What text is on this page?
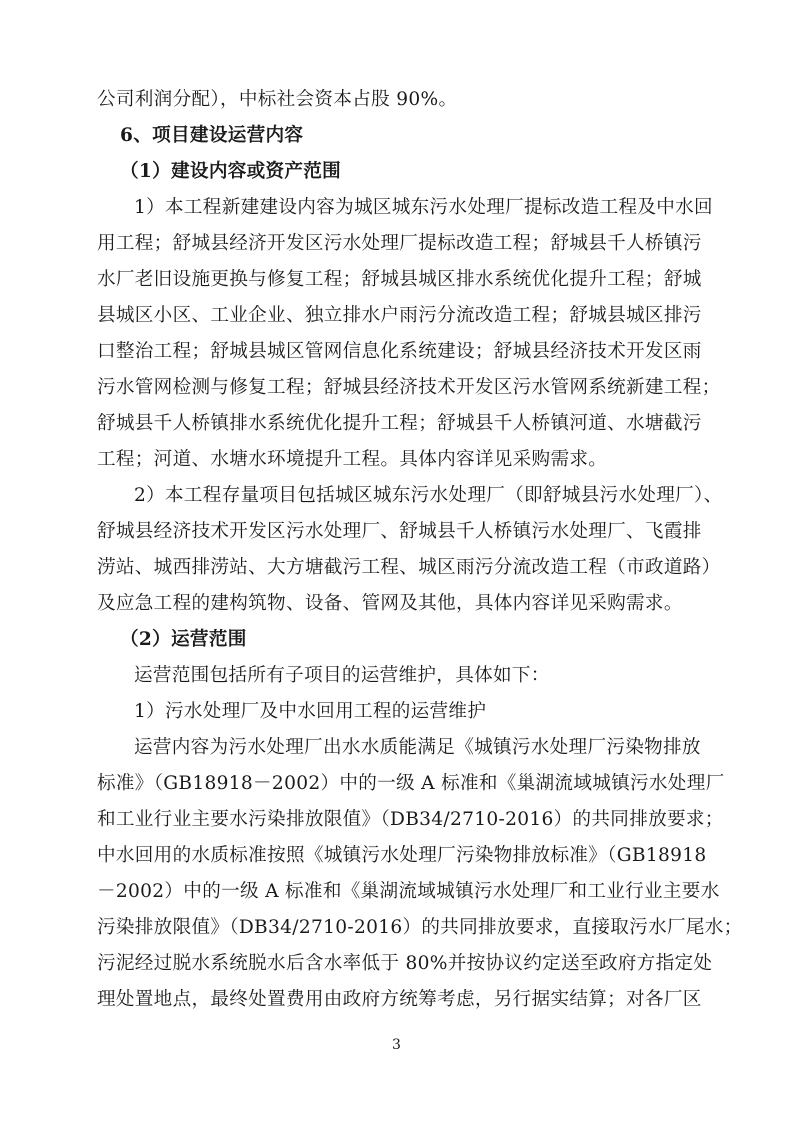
公司利润分配），中标社会资本占股 90%。
6、项目建设运营内容
（1）建设内容或资产范围
1）本工程新建建设内容为城区城东污水处理厂提标改造工程及中水回
用工程；舒城县经济开发区污水处理厂提标改造工程；舒城县千人桥镇污
水厂老旧设施更换与修复工程；舒城县城区排水系统优化提升工程；舒城
县城区小区、工业企业、独立排水户雨污分流改造工程；舒城县城区排污
口整治工程；舒城县城区管网信息化系统建设；舒城县经济技术开发区雨
污水管网检测与修复工程；舒城县经济技术开发区污水管网系统新建工程；
舒城县千人桥镇排水系统优化提升工程；舒城县千人桥镇河道、水塘截污
工程；河道、水塘水环境提升工程。具体内容详见采购需求。
2）本工程存量项目包括城区城东污水处理厂（即舒城县污水处理厂）、
舒城县经济技术开发区污水处理厂、舒城县千人桥镇污水处理厂、飞霞排
涝站、城西排涝站、大方塘截污工程、城区雨污分流改造工程（市政道路）
及应急工程的建构筑物、设备、管网及其他，具体内容详见采购需求。
（2）运营范围
运营范围包括所有子项目的运营维护，具体如下：
1）污水处理厂及中水回用工程的运营维护
运营内容为污水处理厂出水水质能满足《城镇污水处理厂污染物排放
标准》（GB18918－2002）中的一级 A 标准和《巢湖流域城镇污水处理厂
和工业行业主要水污染排放限值》（DB34/2710-2016）的共同排放要求；
中水回用的水质标准按照《城镇污水处理厂污染物排放标准》（GB18918
－2002）中的一级 A 标准和《巢湖流域城镇污水处理厂和工业行业主要水
污染排放限值》（DB34/2710-2016）的共同排放要求，直接取污水厂尾水；
污泥经过脱水系统脱水后含水率低于 80%并按协议约定送至政府方指定处
理处置地点，最终处置费用由政府方统筹考虑，另行据实结算；对各厂区
3
